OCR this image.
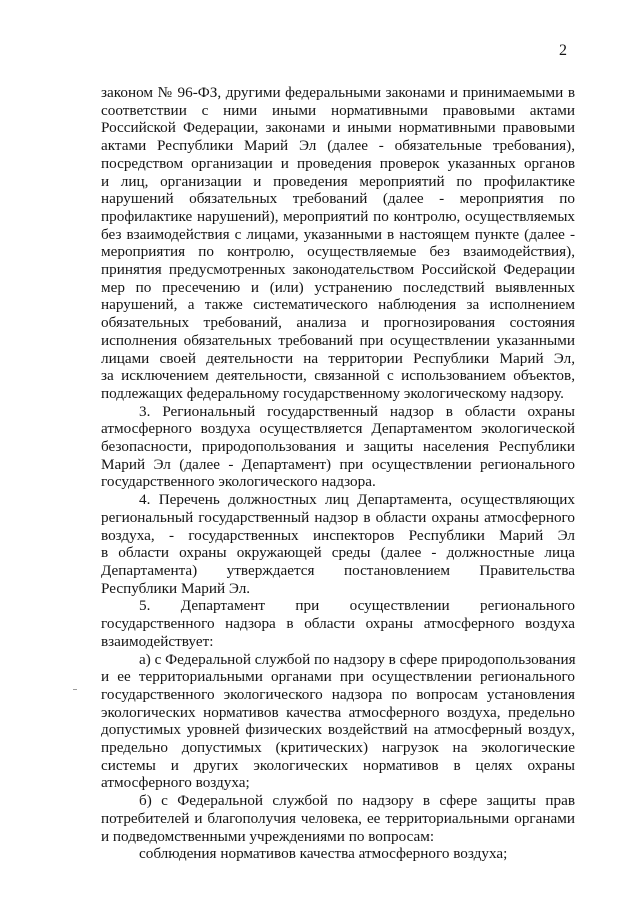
2

законом № 96-ФЗ, другими федеральными законами и принимаемыми в
соответствии с ними иными нормативными правовыми актами
Российской Федерации, законами и иными нормативными правовыми
актами Республики Марий Эл (далее - обязательные требования),
посредством организации и проведения проверок указанных органов
и лиц, организации и проведения мероприятий по профилактике
нарушений обязательных требований (далее - мероприятия по
профилактике нарушений), мероприятий по контролю, осуществляемых
без взаимодействия с лицами, указанными в настоящем пункте (далее -
мероприятия по контролю, осуществляемые без взаимодействия),
принятия предусмотренных законодательством Российской Федерации
мер по пресечению и (или) устранению последствий выявленных
нарушений, а также систематического наблюдения за исполнением
обязательных требований, анализа и прогнозирования состояния
исполнения обязательных требований при осуществлении указанными
лицами своей деятельности на территории Республики Марий Эл,
за исключением деятельности, связанной с использованием объектов,
подлежащих федеральному государственному экологическому надзору.

3. Региональный государственный надзор в области охраны
атмосферного воздуха осуществляется Департаментом экологической
безопасности, природопользования и защиты населения Республики
Марий Эл (далее - Департамент) при осуществлении регионального
государственного экологического надзора.

4. Перечень должностных лиц Департамента, осуществляющих
региональный государственный надзор в области охраны атмосферного
воздуха, - государственных инспекторов Республики Марий Эл
в области охраны окружающей среды (далее - должностные лица
Департамента) утверждается постановлением Правительства
Республики Марий Эл.

5. Департамент при осуществлении регионального
государственного надзора в области охраны атмосферного воздуха
взаимодействует:

а) с Федеральной службой по надзору в сфере природопользования
и ее территориальными органами при осуществлении регионального
государственного экологического надзора по вопросам установления
экологических нормативов качества атмосферного воздуха, предельно
допустимых уровней физических воздействий на атмосферный воздух,
предельно допустимых (критических) нагрузок на экологические
системы и других экологических нормативов в целях охраны
атмосферного воздуха;

б) с Федеральной службой по надзору в сфере защиты прав
потребителей и благополучия человека, ее территориальными органами
и подведомственными учреждениями по вопросам:

соблюдения нормативов качества атмосферного воздуха;
